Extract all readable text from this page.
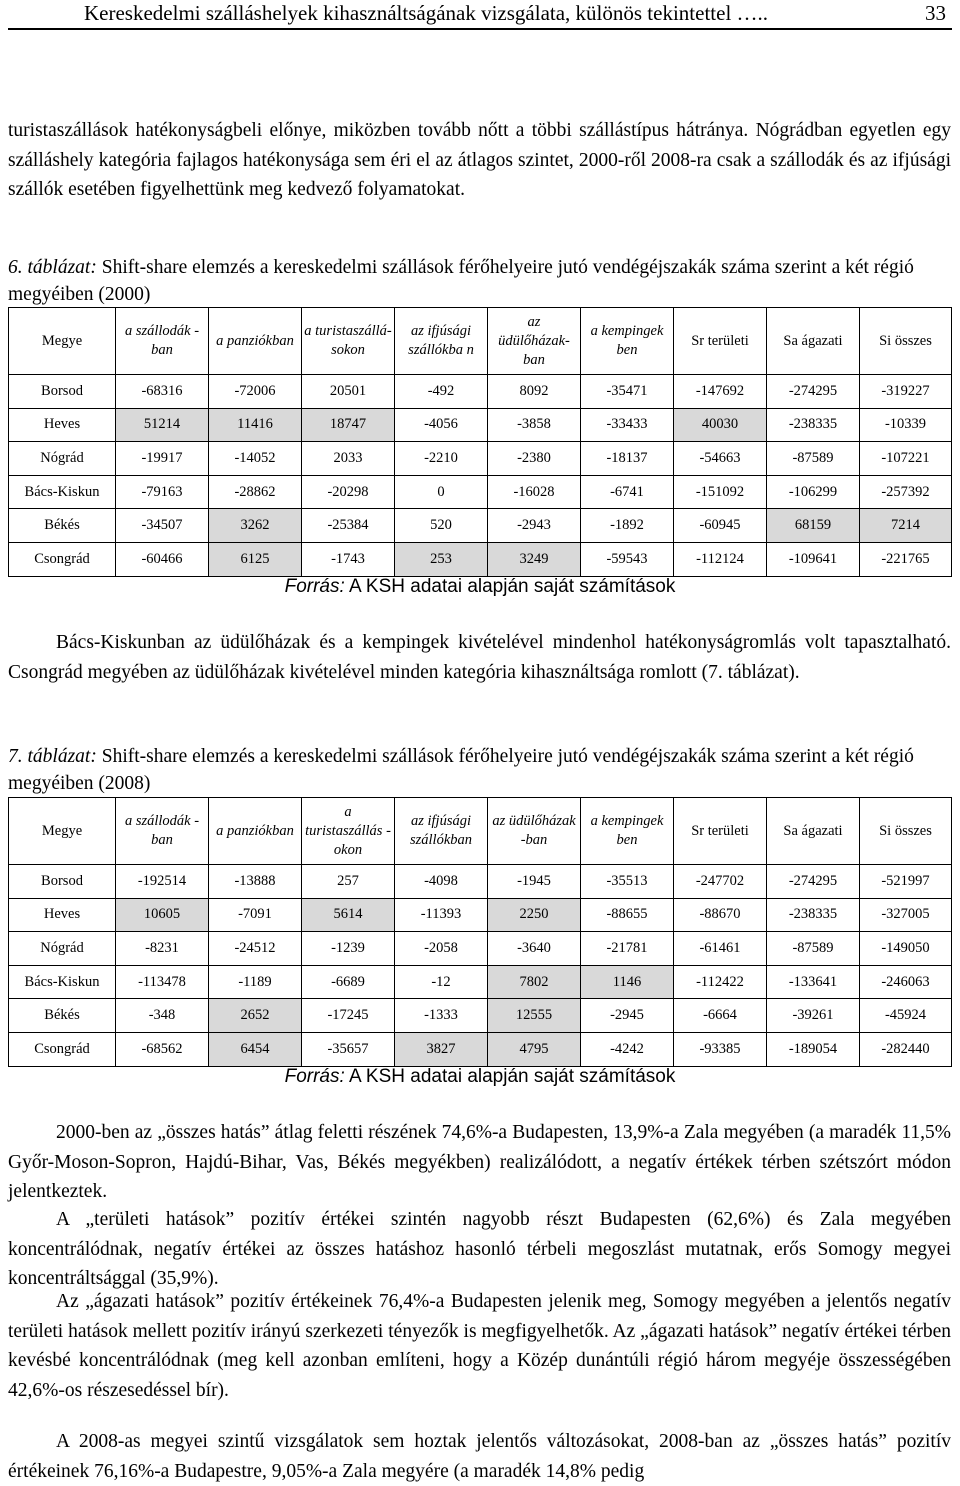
Kereskedelmi szálláshelyek kihasználtságának vizsgálata, különös tekintettel …..	33
turistaszállások hatékonyságbeli előnye, miközben tovább nőtt a többi szállástípus hátránya. Nógrádban egyetlen egy szálláshely kategória fajlagos hatékonysága sem éri el az átlagos szintet, 2000-ről 2008-ra csak a szállodák és az ifjúsági szállók esetében figyelhettünk meg kedvező folyamatokat.
6. táblázat: Shift-share elemzés a kereskedelmi szállások férőhelyeire jutó vendégéjszakák száma szerint a két régió megyéiben (2000)
Megye	a szállodák -ban	a panziókban	a turistaszállá-sokon	az ifjúsági szállókba n	az üdülőházak-ban	a kempingek ben	Sr területi	Sa ágazati	Si összes
Borsod	-68316	-72006	20501	-492	8092	-35471	-147692	-274295	-319227
Heves	51214	11416	18747	-4056	-3858	-33433	40030	-238335	-10339
Nógrád	-19917	-14052	2033	-2210	-2380	-18137	-54663	-87589	-107221
Bács-Kiskun	-79163	-28862	-20298	0	-16028	-6741	-151092	-106299	-257392
Békés	-34507	3262	-25384	520	-2943	-1892	-60945	68159	7214
Csongrád	-60466	6125	-1743	253	3249	-59543	-112124	-109641	-221765
Forrás: A KSH adatai alapján saját számítások
Bács-Kiskunban az üdülőházak és a kempingek kivételével mindenhol hatékonyságromlás volt tapasztalható. Csongrád megyében az üdülőházak kivételével minden kategória kihasználtsága romlott (7. táblázat).
7. táblázat: Shift-share elemzés a kereskedelmi szállások férőhelyeire jutó vendégéjszakák száma szerint a két régió megyéiben (2008)
Megye	a szállodák -ban	a panziókban	a turistaszállás -okon	az ifjúsági szállókban	az üdülőházak -ban	a kempingek ben	Sr területi	Sa ágazati	Si összes
Borsod	-192514	-13888	257	-4098	-1945	-35513	-247702	-274295	-521997
Heves	10605	-7091	5614	-11393	2250	-88655	-88670	-238335	-327005
Nógrád	-8231	-24512	-1239	-2058	-3640	-21781	-61461	-87589	-149050
Bács-Kiskun	-113478	-1189	-6689	-12	7802	1146	-112422	-133641	-246063
Békés	-348	2652	-17245	-1333	12555	-2945	-6664	-39261	-45924
Csongrád	-68562	6454	-35657	3827	4795	-4242	-93385	-189054	-282440
Forrás: A KSH adatai alapján saját számítások
2000-ben az „összes hatás” átlag feletti részének 74,6%-a Budapesten, 13,9%-a Zala megyében (a maradék 11,5% Győr-Moson-Sopron, Hajdú-Bihar, Vas, Békés megyékben) realizálódott, a negatív értékek térben szétszórt módon jelentkeztek.
A „területi hatások” pozitív értékei szintén nagyobb részt Budapesten (62,6%) és Zala megyében koncentrálódnak, negatív értékei az összes hatáshoz hasonló térbeli megoszlást mutatnak, erős Somogy megyei koncentráltsággal (35,9%).
Az „ágazati hatások” pozitív értékeinek 76,4%-a Budapesten jelenik meg, Somogy megyében a jelentős negatív területi hatások mellett pozitív irányú szerkezeti tényezők is megfigyelhetők. Az „ágazati hatások” negatív értékei térben kevésbé koncentrálódnak (meg kell azonban említeni, hogy a Közép dunántúli régió három megyéje összességében 42,6%-os részesedéssel bír).
A 2008-as megyei szintű vizsgálatok sem hoztak jelentős változásokat, 2008-ban az „összes hatás” pozitív értékeinek 76,16%-a Budapestre, 9,05%-a Zala megyére (a maradék 14,8% pedig
